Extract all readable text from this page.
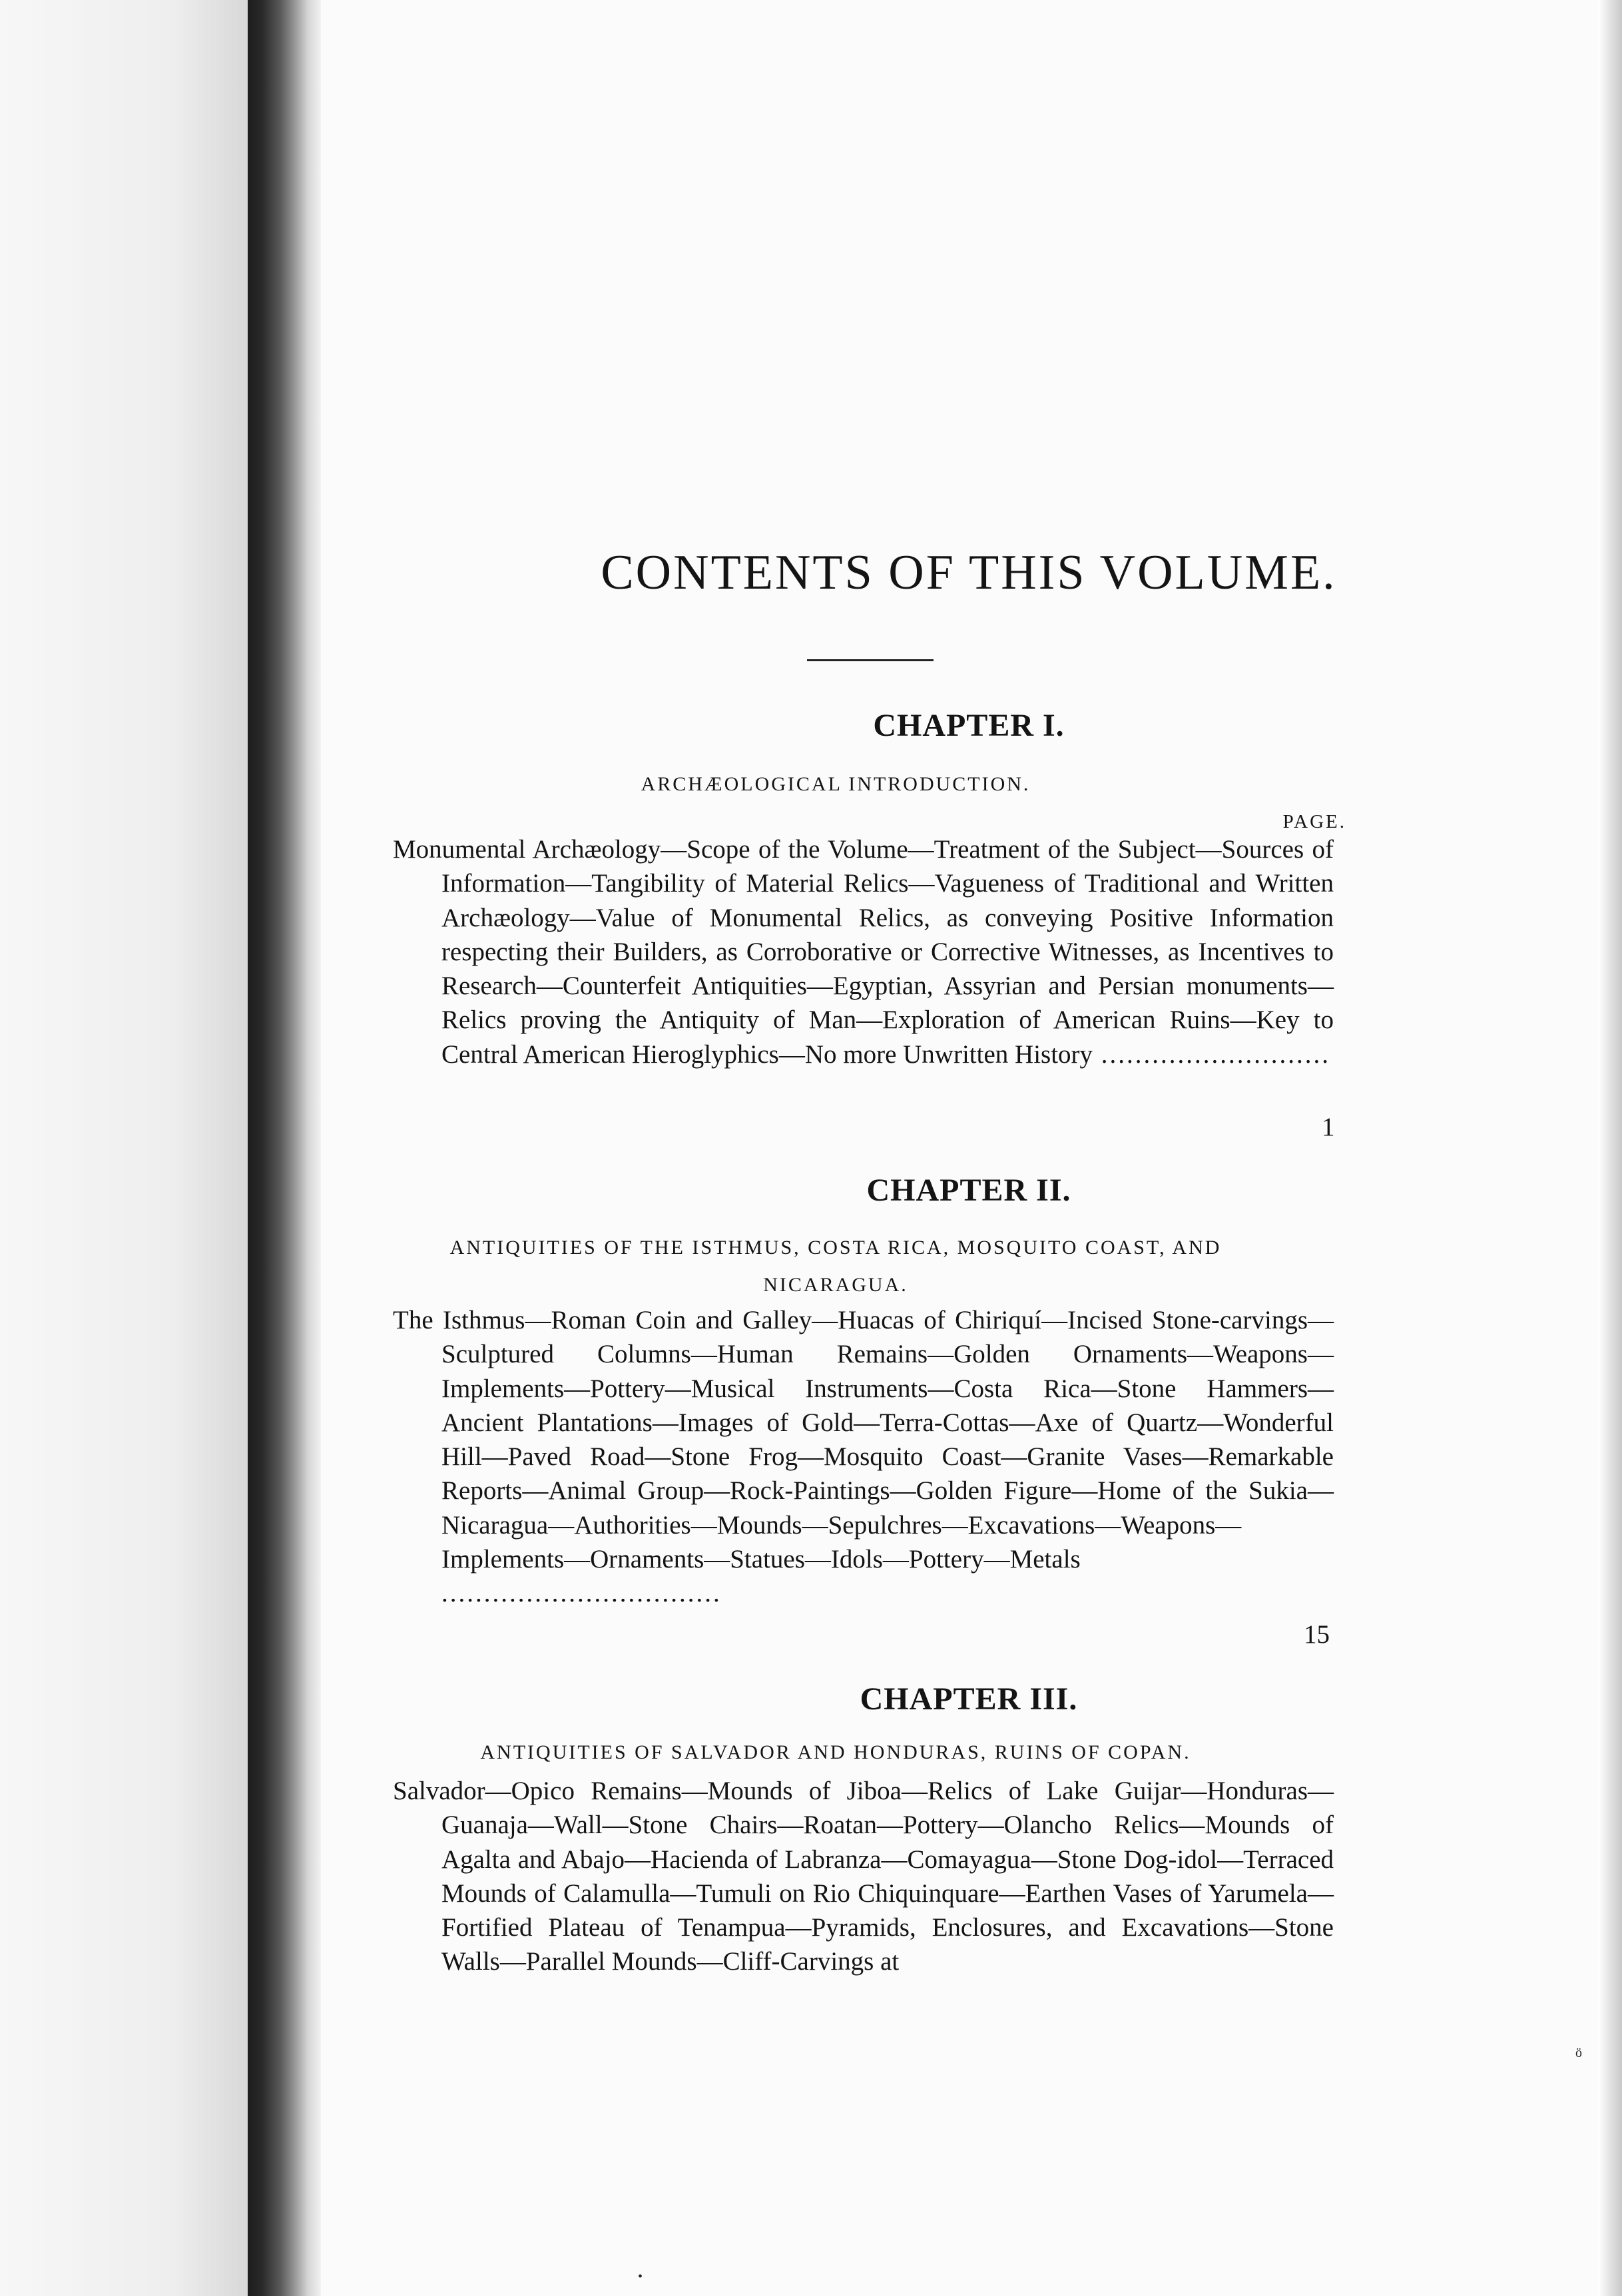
ö
•
CONTENTS OF THIS VOLUME.
CHAPTER I.
ARCHÆOLOGICAL INTRODUCTION.
PAGE.

Monumental Archæology—Scope of the Volume—Treatment of the Subject—Sources of Information—Tangibility of Material Relics—Vagueness of Traditional and Written Archæology—Value of Monumental Relics, as conveying Positive Information respecting their Builders, as Corroborative or Corrective Witnesses, as Incentives to Research—Counterfeit Antiquities—Egyptian, Assyrian and Persian monuments—Relics proving the Antiquity of Man—Exploration of American Ruins—Key to Central American Hieroglyphics—No more Unwritten History ...........................

1
CHAPTER II.
ANTIQUITIES OF THE ISTHMUS, COSTA RICA, MOSQUITO COAST, AND NICARAGUA.

The Isthmus—Roman Coin and Galley—Huacas of Chiriquí—Incised Stone-carvings—Sculptured Columns—Human Remains—Golden Ornaments—Weapons—Implements—Pottery—Musical Instruments—Costa Rica—Stone Hammers—Ancient Plantations—Images of Gold—Terra-Cottas—Axe of Quartz—Wonderful Hill—Paved Road—Stone Frog—Mosquito Coast—Granite Vases—Remarkable Reports—Animal Group—Rock-Paintings—Golden Figure—Home of the Sukia—Nicaragua—Authorities—Mounds—Sepulchres—Excavations—Weapons—Implements—Ornaments—Statues—Idols—Pottery—Metals .................................

15
CHAPTER III.
ANTIQUITIES OF SALVADOR AND HONDURAS, RUINS OF COPAN.

Salvador—Opico Remains—Mounds of Jiboa—Relics of Lake Guijar—Honduras—Guanaja—Wall—Stone Chairs—Roatan—Pottery—Olancho Relics—Mounds of Agalta and Abajo—Hacienda of Labranza—Comayagua—Stone Dog-idol—Terraced Mounds of Calamulla—Tumuli on Rio Chiquinquare—Earthen Vases of Yarumela—Fortified Plateau of Tenampua—Pyramids, Enclosures, and Excavations—Stone Walls—Parallel Mounds—Cliff-Carvings at
